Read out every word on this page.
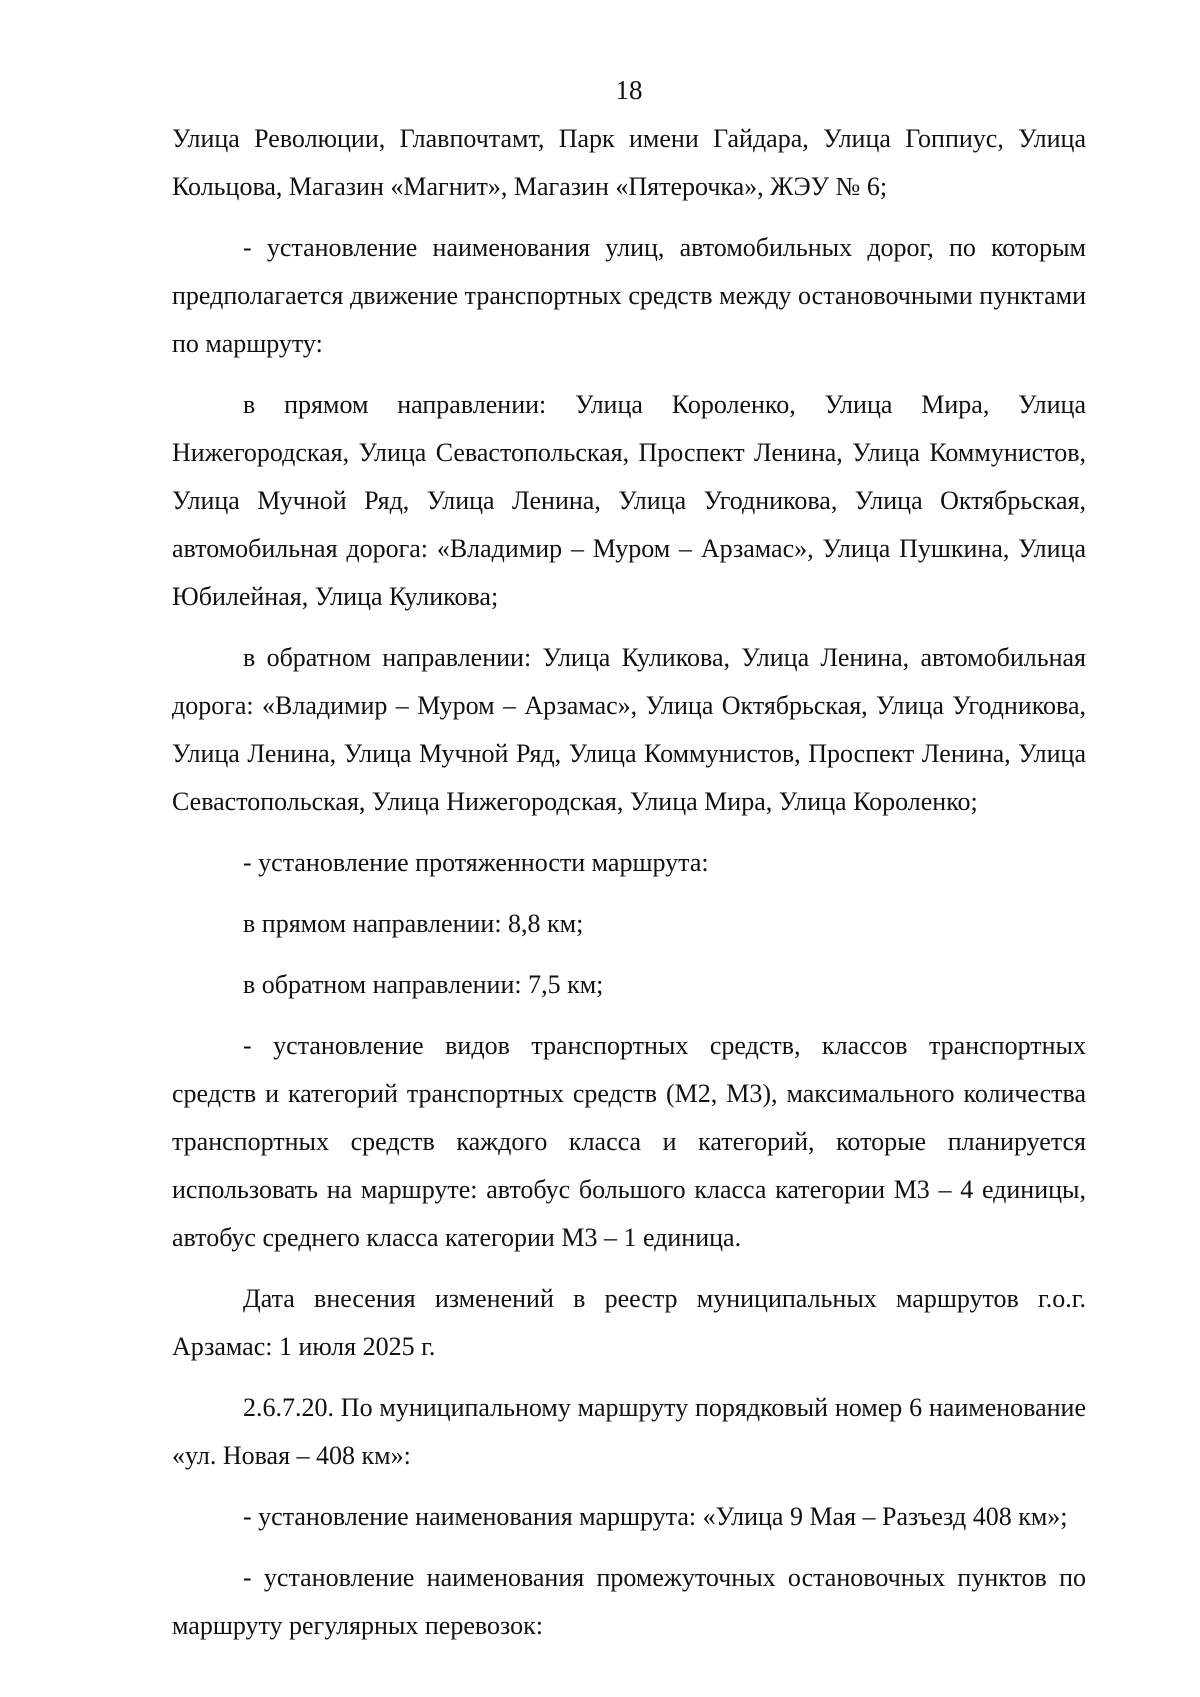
18

Улица Революции, Главпочтамт, Парк имени Гайдара, Улица Гоппиус, Улица Кольцова, Магазин «Магнит», Магазин «Пятерочка», ЖЭУ № 6;

- установление наименования улиц, автомобильных дорог, по которым предполагается движение транспортных средств между остановочными пунктами по маршруту:

в прямом направлении: Улица Короленко, Улица Мира, Улица Нижегородская, Улица Севастопольская, Проспект Ленина, Улица Коммунистов, Улица Мучной Ряд, Улица Ленина, Улица Угодникова, Улица Октябрьская, автомобильная дорога: «Владимир – Муром – Арзамас», Улица Пушкина, Улица Юбилейная, Улица Куликова;

в обратном направлении: Улица Куликова, Улица Ленина, автомобильная дорога: «Владимир – Муром – Арзамас», Улица Октябрьская, Улица Угодникова, Улица Ленина, Улица Мучной Ряд, Улица Коммунистов, Проспект Ленина, Улица Севастопольская, Улица Нижегородская, Улица Мира, Улица Короленко;

- установление протяженности маршрута:

в прямом направлении: 8,8 км;

в обратном направлении: 7,5 км;

- установление видов транспортных средств, классов транспортных средств и категорий транспортных средств (М2, М3), максимального количества транспортных средств каждого класса и категорий, которые планируется использовать на маршруте: автобус большого класса категории М3 – 4 единицы, автобус среднего класса категории М3 – 1 единица.

Дата внесения изменений в реестр муниципальных маршрутов г.о.г. Арзамас: 1 июля 2025 г.

2.6.7.20. По муниципальному маршруту порядковый номер 6 наименование «ул. Новая – 408 км»:

- установление наименования маршрута: «Улица 9 Мая – Разъезд 408 км»;

- установление наименования промежуточных остановочных пунктов по маршруту регулярных перевозок:
